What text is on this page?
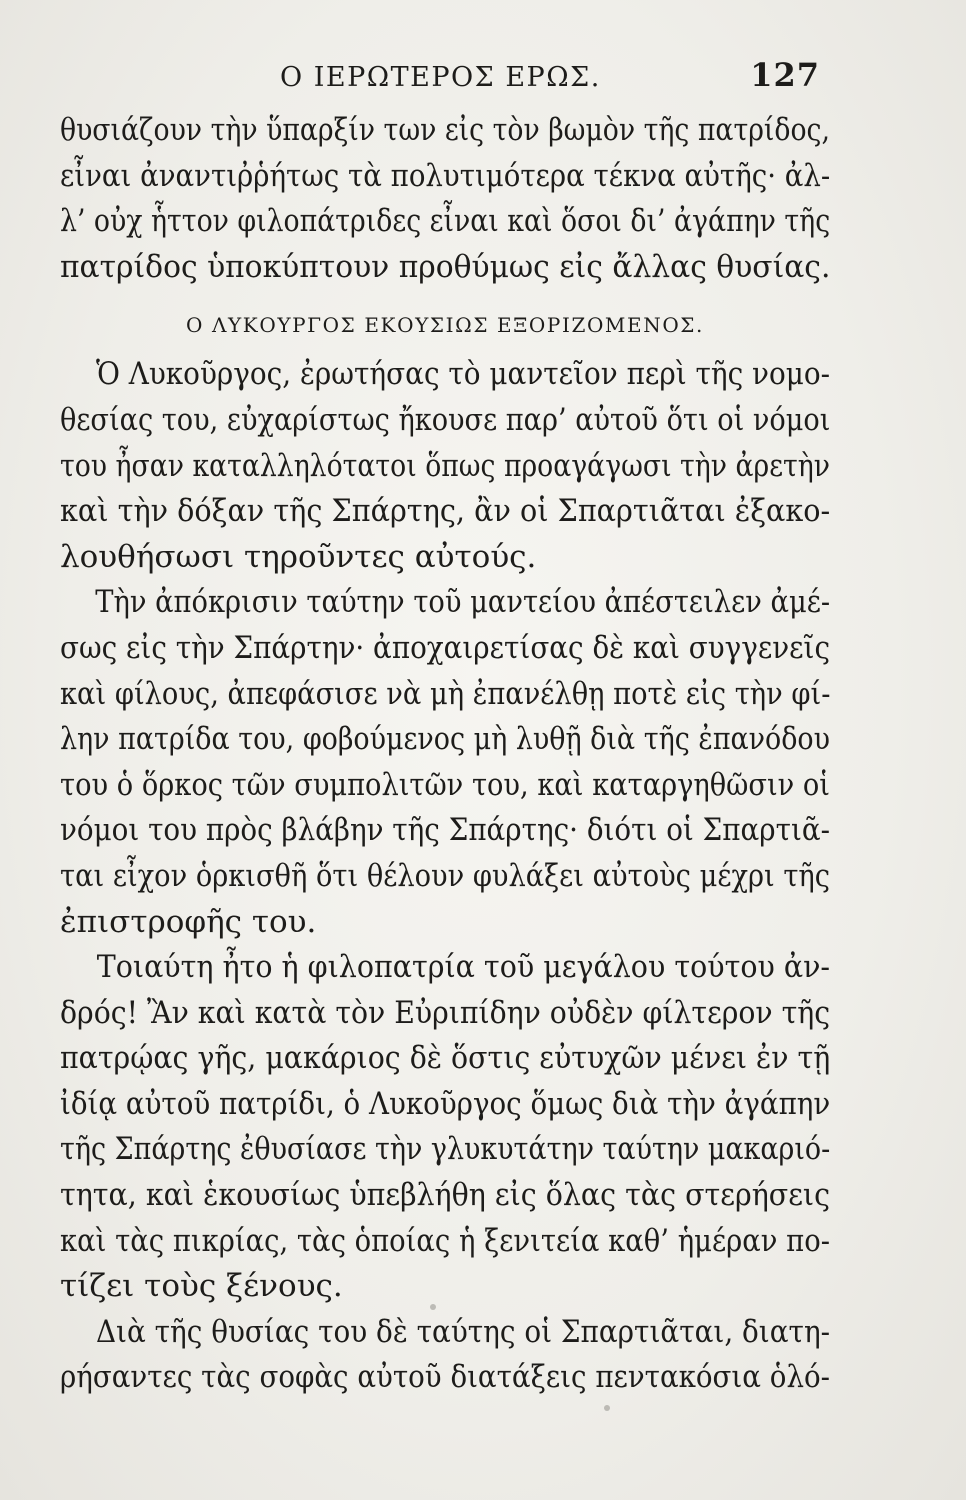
Ο ΙΕΡΩΤΕΡΟΣ ΕΡΩΣ.	127
θυσιάζουν τὴν ὕπαρξίν των εἰς τὸν βωμὸν τῆς πατρίδος,
εἶναι ἀναντιῤῥήτως τὰ πολυτιμότερα τέκνα αὐτῆς· ἀλ-
λ’ οὐχ ἧττον φιλοπάτριδες εἶναι καὶ ὅσοι δι’ ἀγάπην τῆς
πατρίδος ὑποκύπτουν προθύμως εἰς ἄλλας θυσίας.
Ο ΛΥΚΟΥΡΓΟΣ ΕΚΟΥΣΙΩΣ ΕΞΟΡΙΖΟΜΕΝΟΣ.
Ὁ Λυκοῦργος, ἐρωτήσας τὸ μαντεῖον περὶ τῆς νομο-
θεσίας του, εὐχαρίστως ἤκουσε παρ’ αὐτοῦ ὅτι οἱ νόμοι
του ἦσαν καταλληλότατοι ὅπως προαγάγωσι τὴν ἀρετὴν
καὶ τὴν δόξαν τῆς Σπάρτης, ἂν οἱ Σπαρτιᾶται ἐξακο-
λουθήσωσι τηροῦντες αὐτούς.
Τὴν ἀπόκρισιν ταύτην τοῦ μαντείου ἀπέστειλεν ἀμέ-
σως εἰς τὴν Σπάρτην· ἀποχαιρετίσας δὲ καὶ συγγενεῖς
καὶ φίλους, ἀπεφάσισε νὰ μὴ ἐπανέλθῃ ποτὲ εἰς τὴν φί-
λην πατρίδα του, φοβούμενος μὴ λυθῇ διὰ τῆς ἐπανόδου
του ὁ ὅρκος τῶν συμπολιτῶν του, καὶ καταργηθῶσιν οἱ
νόμοι του πρὸς βλάβην τῆς Σπάρτης· διότι οἱ Σπαρτιᾶ-
ται εἶχον ὁρκισθῆ ὅτι θέλουν φυλάξει αὐτοὺς μέχρι τῆς
ἐπιστροφῆς του.
Τοιαύτη ἦτο ἡ φιλοπατρία τοῦ μεγάλου τούτου ἀν-
δρός! Ἂν καὶ κατὰ τὸν Εὐριπίδην οὐδὲν φίλτερον τῆς
πατρῴας γῆς, μακάριος δὲ ὅστις εὐτυχῶν μένει ἐν τῇ
ἰδίᾳ αὐτοῦ πατρίδι, ὁ Λυκοῦργος ὅμως διὰ τὴν ἀγάπην
τῆς Σπάρτης ἐθυσίασε τὴν γλυκυτάτην ταύτην μακαριό-
τητα, καὶ ἑκουσίως ὑπεβλήθη εἰς ὅλας τὰς στερήσεις
καὶ τὰς πικρίας, τὰς ὁποίας ἡ ξενιτεία καθ’ ἡμέραν πο-
τίζει τοὺς ξένους.
Διὰ τῆς θυσίας του δὲ ταύτης οἱ Σπαρτιᾶται, διατη-
ρήσαντες τὰς σοφὰς αὐτοῦ διατάξεις πεντακόσια ὁλό-
